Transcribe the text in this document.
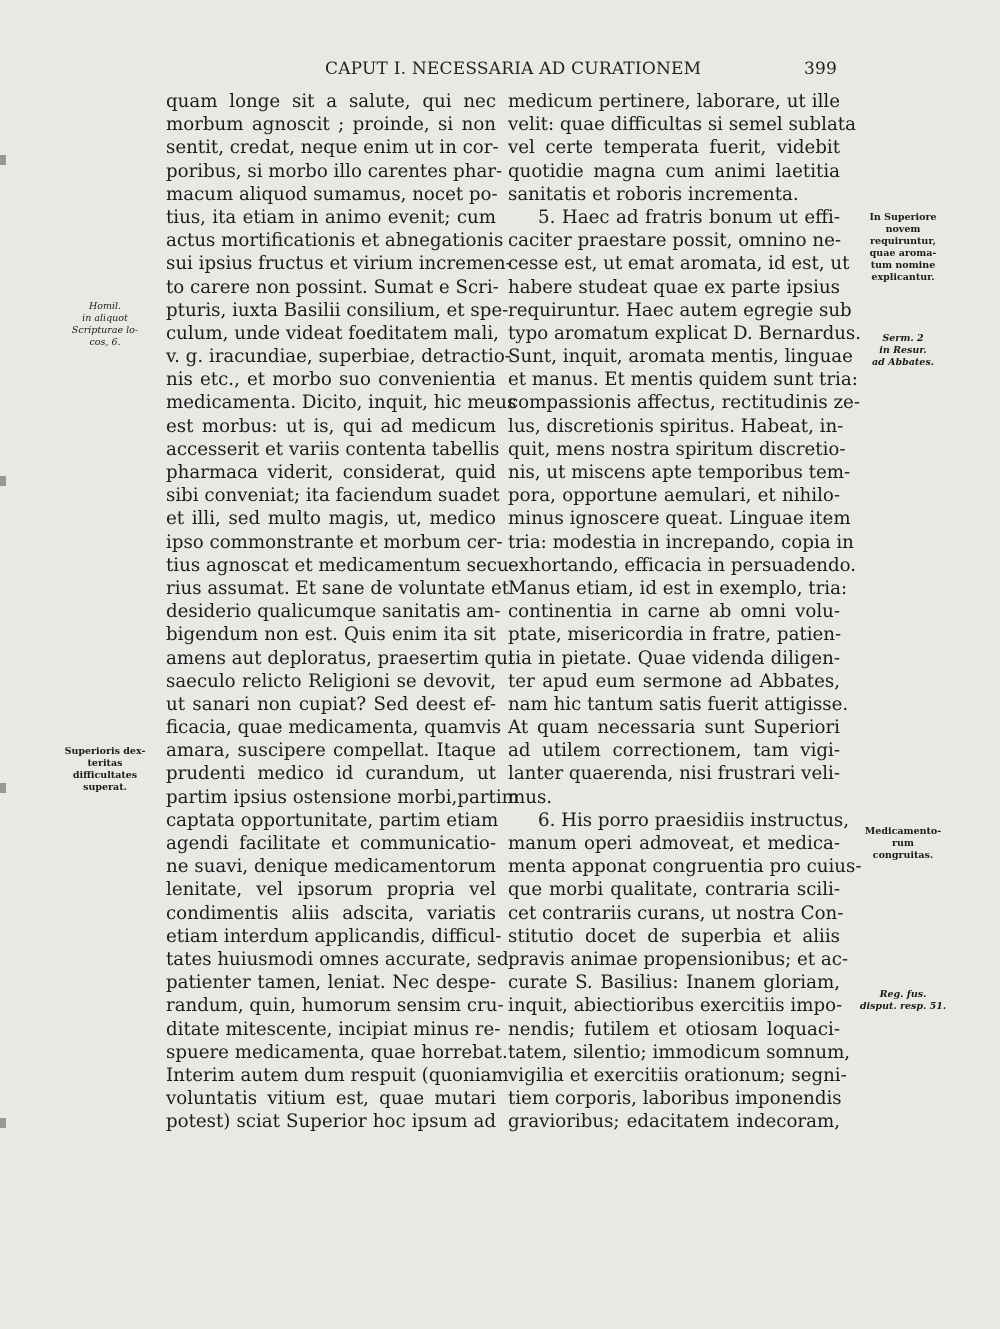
CAPUT I. NECESSARIA AD CURATIONEM	399
quam longe sit a salute, qui nec
morbum agnoscit ; proinde, si non
sentit, credat, neque enim ut in cor-
poribus, si morbo illo carentes phar-
macum aliquod sumamus, nocet po-
tius, ita etiam in animo evenit; cum
actus mortificationis et abnegationis
sui ipsius fructus et virium incremen-
to carere non possint. Sumat e Scri-
pturis, iuxta Basilii consilium, et spe-
culum, unde videat foeditatem mali,
v. g. iracundiae, superbiae, detractio-
nis etc., et morbo suo convenientia
medicamenta. Dicito, inquit, hic meus
est morbus: ut is, qui ad medicum
accesserit et variis contenta tabellis
pharmaca viderit, considerat, quid
sibi conveniat; ita faciendum suadet
et illi, sed multo magis, ut, medico
ipso commonstrante et morbum cer-
tius agnoscat et medicamentum secu-
rius assumat. Et sane de voluntate et
desiderio qualicumque sanitatis am-
bigendum non est. Quis enim ita sit
amens aut deploratus, praesertim qui
saeculo relicto Religioni se devovit,
ut sanari non cupiat? Sed deest ef-
ficacia, quae medicamenta, quamvis
amara, suscipere compellat. Itaque
prudenti medico id curandum, ut
partim ipsius ostensione morbi,partim
captata opportunitate, partim etiam
agendi facilitate et communicatio-
ne suavi, denique medicamentorum
lenitate, vel ipsorum propria vel
condimentis aliis adscita, variatis
etiam interdum applicandis, difficul-
tates huiusmodi omnes accurate, sed
patienter tamen, leniat. Nec despe-
randum, quin, humorum sensim cru-
ditate mitescente, incipiat minus re-
spuere medicamenta, quae horrebat.
Interim autem dum respuit (quoniam
voluntatis vitium est, quae mutari
potest) sciat Superior hoc ipsum ad
medicum pertinere, laborare, ut ille
velit: quae difficultas si semel sublata
vel certe temperata fuerit, videbit
quotidie magna cum animi laetitia
sanitatis et roboris incrementa.
5. Haec ad fratris bonum ut effi-
caciter praestare possit, omnino ne-
cesse est, ut emat aromata, id est, ut
habere studeat quae ex parte ipsius
requiruntur. Haec autem egregie sub
typo aromatum explicat D. Bernardus.
Sunt, inquit, aromata mentis, linguae
et manus. Et mentis quidem sunt tria:
compassionis affectus, rectitudinis ze-
lus, discretionis spiritus. Habeat, in-
quit, mens nostra spiritum discretio-
nis, ut miscens apte temporibus tem-
pora, opportune aemulari, et nihilo-
minus ignoscere queat. Linguae item
tria: modestia in increpando, copia in
exhortando, efficacia in persuadendo.
Manus etiam, id est in exemplo, tria:
continentia in carne ab omni volu-
ptate, misericordia in fratre, patien-
tia in pietate. Quae videnda diligen-
ter apud eum sermone ad Abbates,
nam hic tantum satis fuerit attigisse.
At quam necessaria sunt Superiori
ad utilem correctionem, tam vigi-
lanter quaerenda, nisi frustrari veli-
mus.
6. His porro praesidiis instructus,
manum operi admoveat, et medica-
menta apponat congruentia pro cuius-
que morbi qualitate, contraria scili-
cet contrariis curans, ut nostra Con-
stitutio docet de superbia et aliis
pravis animae propensionibus; et ac-
curate S. Basilius: Inanem gloriam,
inquit, abiectioribus exercitiis impo-
nendis; futilem et otiosam loquaci-
tatem, silentio; immodicum somnum,
vigilia et exercitiis orationum; segni-
tiem corporis, laboribus imponendis
gravioribus; edacitatem indecoram,
Homil.
in aliquot
Scripturae lo-
cos, 6.
Superioris dex-
teritas
difficultates
superat.
In Superiore
novem
requiruntur,
quae aroma-
tum nomine
explicantur.
Serm. 2
in Resur.
ad Abbates.
Medicamento-
rum
congruitas.
Reg. fus.
disput. resp. 51.
